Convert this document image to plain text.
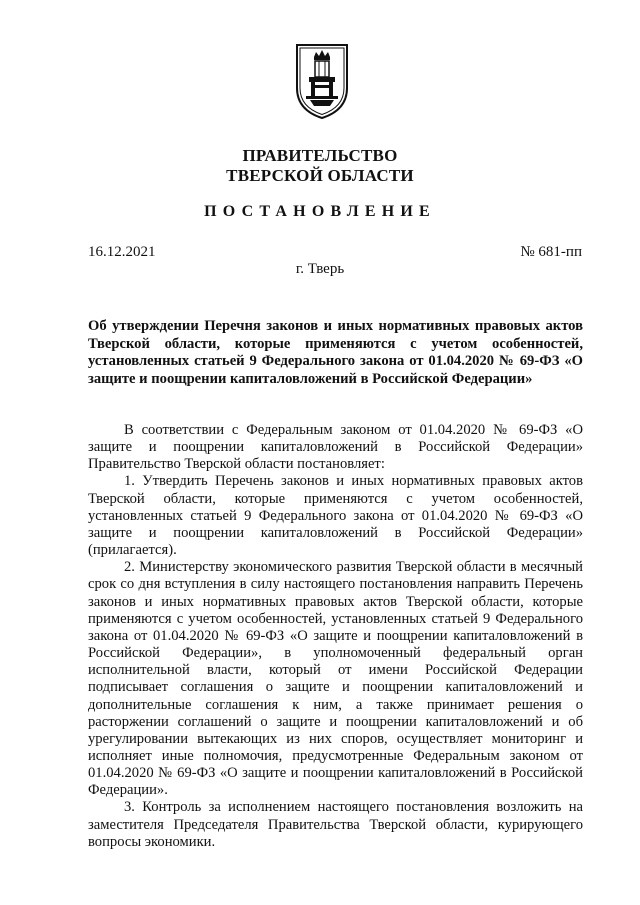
ПРАВИТЕЛЬСТВО
ТВЕРСКОЙ ОБЛАСТИ
ПОСТАНОВЛЕНИЕ
16.12.2021	№ 681-пп
г. Тверь
Об утверждении Перечня законов и иных нормативных правовых актов Тверской области, которые применяются с учетом особенностей, установленных статьей 9 Федерального закона от 01.04.2020 № 69-ФЗ «О защите и поощрении капиталовложений в Российской Федерации»

В соответствии с Федеральным законом от 01.04.2020 № 69-ФЗ «О защите и поощрении капиталовложений в Российской Федерации» Правительство Тверской области постановляет:

1. Утвердить Перечень законов и иных нормативных правовых актов Тверской области, которые применяются с учетом особенностей, установленных статьей 9 Федерального закона от 01.04.2020 № 69-ФЗ «О защите и поощрении капиталовложений в Российской Федерации» (прилагается).

2. Министерству экономического развития Тверской области в месячный срок со дня вступления в силу настоящего постановления направить Перечень законов и иных нормативных правовых актов Тверской области, которые применяются с учетом особенностей, установленных статьей 9 Федерального закона от 01.04.2020 № 69-ФЗ «О защите и поощрении капиталовложений в Российской Федерации», в уполномоченный федеральный орган исполнительной власти, который от имени Российской Федерации подписывает соглашения о защите и поощрении капиталовложений и дополнительные соглашения к ним, а также принимает решения о расторжении соглашений о защите и поощрении капиталовложений и об урегулировании вытекающих из них споров, осуществляет мониторинг и исполняет иные полномочия, предусмотренные Федеральным законом от 01.04.2020 № 69-ФЗ «О защите и поощрении капиталовложений в Российской Федерации».

3. Контроль за исполнением настоящего постановления возложить на заместителя Председателя Правительства Тверской области, курирующего вопросы экономики.
